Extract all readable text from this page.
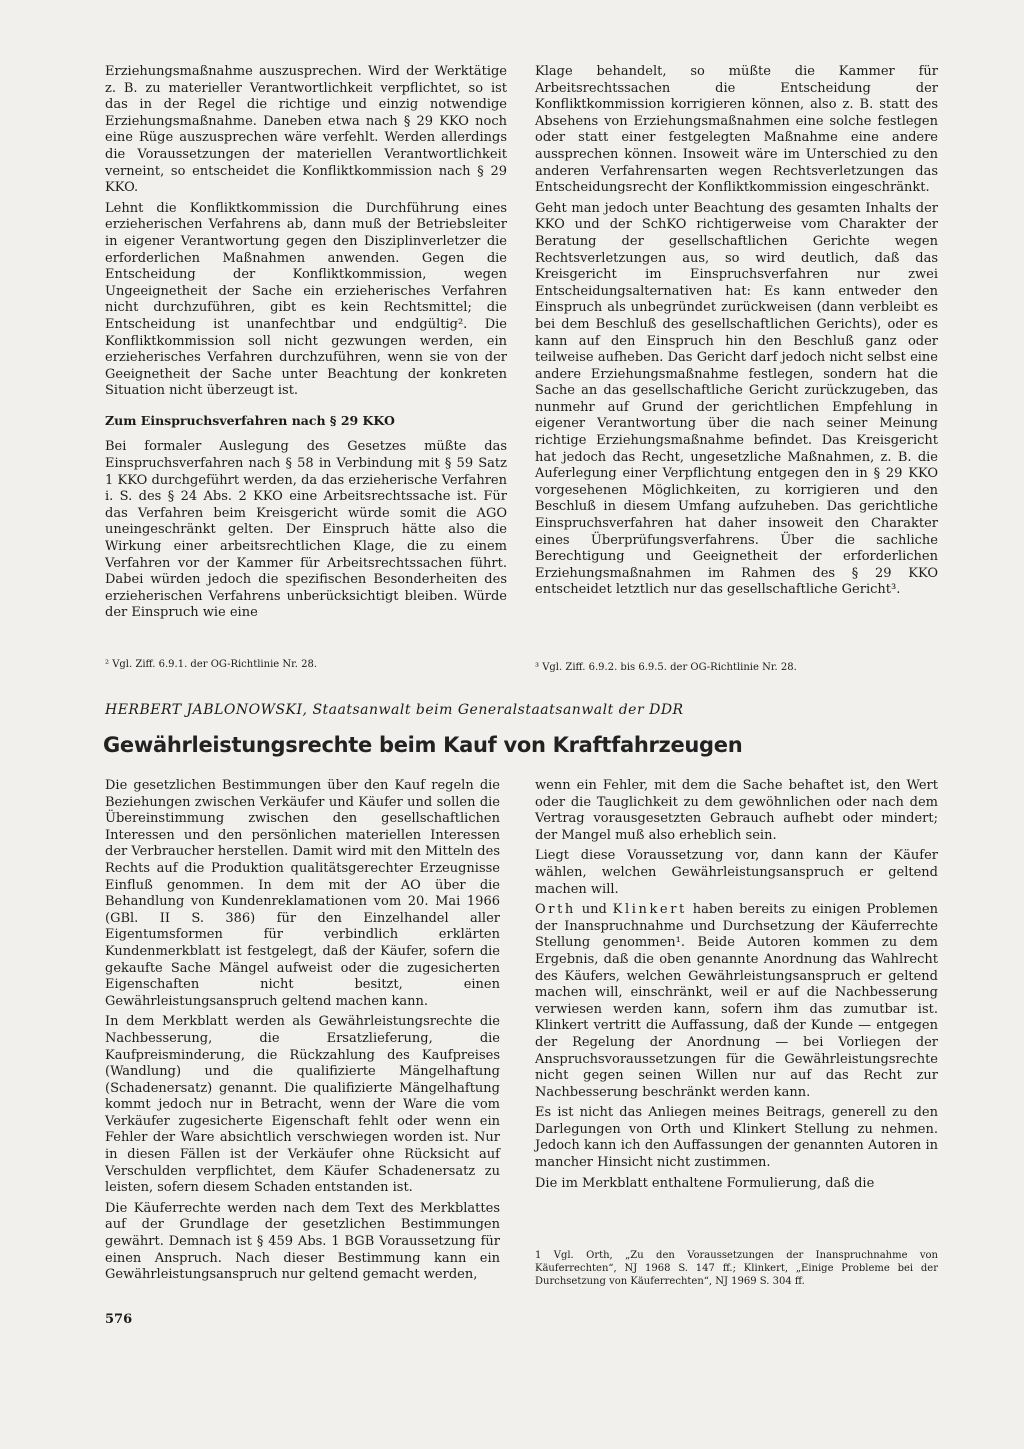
Erziehungsmaßnahme auszusprechen. Wird der Werktätige z. B. zu materieller Verantwortlichkeit verpflichtet, so ist das in der Regel die richtige und einzig notwendige Erziehungsmaßnahme. Daneben etwa nach § 29 KKO noch eine Rüge auszusprechen wäre verfehlt. Werden allerdings die Voraussetzungen der materiellen Verantwortlichkeit verneint, so entscheidet die Konfliktkommission nach § 29 KKO.

Lehnt die Konfliktkommission die Durchführung eines erzieherischen Verfahrens ab, dann muß der Betriebsleiter in eigener Verantwortung gegen den Disziplinverletzer die erforderlichen Maßnahmen anwenden. Gegen die Entscheidung der Konfliktkommission, wegen Ungeeignetheit der Sache ein erzieherisches Verfahren nicht durchzuführen, gibt es kein Rechtsmittel; die Entscheidung ist unanfechtbar und endgültig². Die Konfliktkommission soll nicht gezwungen werden, ein erzieherisches Verfahren durchzuführen, wenn sie von der Geeignetheit der Sache unter Beachtung der konkreten Situation nicht überzeugt ist.

Zum Einspruchsverfahren nach § 29 KKO

Bei formaler Auslegung des Gesetzes müßte das Einspruchsverfahren nach § 58 in Verbindung mit § 59 Satz 1 KKO durchgeführt werden, da das erzieherische Verfahren i. S. des § 24 Abs. 2 KKO eine Arbeitsrechtssache ist. Für das Verfahren beim Kreisgericht würde somit die AGO uneingeschränkt gelten. Der Einspruch hätte also die Wirkung einer arbeitsrechtlichen Klage, die zu einem Verfahren vor der Kammer für Arbeitsrechtssachen führt. Dabei würden jedoch die spezifischen Besonderheiten des erzieherischen Verfahrens unberücksichtigt bleiben. Würde der Einspruch wie eine

² Vgl. Ziff. 6.9.1. der OG-Richtlinie Nr. 28.

Klage behandelt, so müßte die Kammer für Arbeitsrechtssachen die Entscheidung der Konfliktkommission korrigieren können, also z. B. statt des Absehens von Erziehungsmaßnahmen eine solche festlegen oder statt einer festgelegten Maßnahme eine andere aussprechen können. Insoweit wäre im Unterschied zu den anderen Verfahrensarten wegen Rechtsverletzungen das Entscheidungsrecht der Konfliktkommission eingeschränkt.

Geht man jedoch unter Beachtung des gesamten Inhalts der KKO und der SchKO richtigerweise vom Charakter der Beratung der gesellschaftlichen Gerichte wegen Rechtsverletzungen aus, so wird deutlich, daß das Kreisgericht im Einspruchsverfahren nur zwei Entscheidungsalternativen hat: Es kann entweder den Einspruch als unbegründet zurückweisen (dann verbleibt es bei dem Beschluß des gesellschaftlichen Gerichts), oder es kann auf den Einspruch hin den Beschluß ganz oder teilweise aufheben. Das Gericht darf jedoch nicht selbst eine andere Erziehungsmaßnahme festlegen, sondern hat die Sache an das gesellschaftliche Gericht zurückzugeben, das nunmehr auf Grund der gerichtlichen Empfehlung in eigener Verantwortung über die nach seiner Meinung richtige Erziehungsmaßnahme befindet. Das Kreisgericht hat jedoch das Recht, ungesetzliche Maßnahmen, z. B. die Auferlegung einer Verpflichtung entgegen den in § 29 KKO vorgesehenen Möglichkeiten, zu korrigieren und den Beschluß in diesem Umfang aufzuheben. Das gerichtliche Einspruchsverfahren hat daher insoweit den Charakter eines Überprüfungsverfahrens. Über die sachliche Berechtigung und Geeignetheit der erforderlichen Erziehungsmaßnahmen im Rahmen des § 29 KKO entscheidet letztlich nur das gesellschaftliche Gericht³.

³ Vgl. Ziff. 6.9.2. bis 6.9.5. der OG-Richtlinie Nr. 28.
HERBERT JABLONOWSKI, Staatsanwalt beim Generalstaatsanwalt der DDR
Gewährleistungsrechte beim Kauf von Kraftfahrzeugen

Die gesetzlichen Bestimmungen über den Kauf regeln die Beziehungen zwischen Verkäufer und Käufer und sollen die Übereinstimmung zwischen den gesellschaftlichen Interessen und den persönlichen materiellen Interessen der Verbraucher herstellen. Damit wird mit den Mitteln des Rechts auf die Produktion qualitätsgerechter Erzeugnisse Einfluß genommen. In dem mit der AO über die Behandlung von Kundenreklamationen vom 20. Mai 1966 (GBl. II S. 386) für den Einzelhandel aller Eigentumsformen für verbindlich erklärten Kundenmerkblatt ist festgelegt, daß der Käufer, sofern die gekaufte Sache Mängel aufweist oder die zugesicherten Eigenschaften nicht besitzt, einen Gewährleistungsanspruch geltend machen kann.

In dem Merkblatt werden als Gewährleistungsrechte die Nachbesserung, die Ersatzlieferung, die Kaufpreisminderung, die Rückzahlung des Kaufpreises (Wandlung) und die qualifizierte Mängelhaftung (Schadenersatz) genannt. Die qualifizierte Mängelhaftung kommt jedoch nur in Betracht, wenn der Ware die vom Verkäufer zugesicherte Eigenschaft fehlt oder wenn ein Fehler der Ware absichtlich verschwiegen worden ist. Nur in diesen Fällen ist der Verkäufer ohne Rücksicht auf Verschulden verpflichtet, dem Käufer Schadenersatz zu leisten, sofern diesem Schaden entstanden ist.

Die Käuferrechte werden nach dem Text des Merkblattes auf der Grundlage der gesetzlichen Bestimmungen gewährt. Demnach ist § 459 Abs. 1 BGB Voraussetzung für einen Anspruch. Nach dieser Bestimmung kann ein Gewährleistungsanspruch nur geltend gemacht werden,

wenn ein Fehler, mit dem die Sache behaftet ist, den Wert oder die Tauglichkeit zu dem gewöhnlichen oder nach dem Vertrag vorausgesetzten Gebrauch aufhebt oder mindert; der Mangel muß also erheblich sein.

Liegt diese Voraussetzung vor, dann kann der Käufer wählen, welchen Gewährleistungsanspruch er geltend machen will.

Orth und Klinkert haben bereits zu einigen Problemen der Inanspruchnahme und Durchsetzung der Käuferrechte Stellung genommen¹. Beide Autoren kommen zu dem Ergebnis, daß die oben genannte Anordnung das Wahlrecht des Käufers, welchen Gewährleistungsanspruch er geltend machen will, einschränkt, weil er auf die Nachbesserung verwiesen werden kann, sofern ihm das zumutbar ist. Klinkert vertritt die Auffassung, daß der Kunde — entgegen der Regelung der Anordnung — bei Vorliegen der Anspruchsvoraussetzungen für die Gewährleistungsrechte nicht gegen seinen Willen nur auf das Recht zur Nachbesserung beschränkt werden kann.

Es ist nicht das Anliegen meines Beitrags, generell zu den Darlegungen von Orth und Klinkert Stellung zu nehmen. Jedoch kann ich den Auffassungen der genannten Autoren in mancher Hinsicht nicht zustimmen.

Die im Merkblatt enthaltene Formulierung, daß die

1 Vgl. Orth, „Zu den Voraussetzungen der Inanspruchnahme von Käuferrechten“, NJ 1968 S. 147 ff.; Klinkert, „Einige Probleme bei der Durchsetzung von Käuferrechten“, NJ 1969 S. 304 ff.
576
